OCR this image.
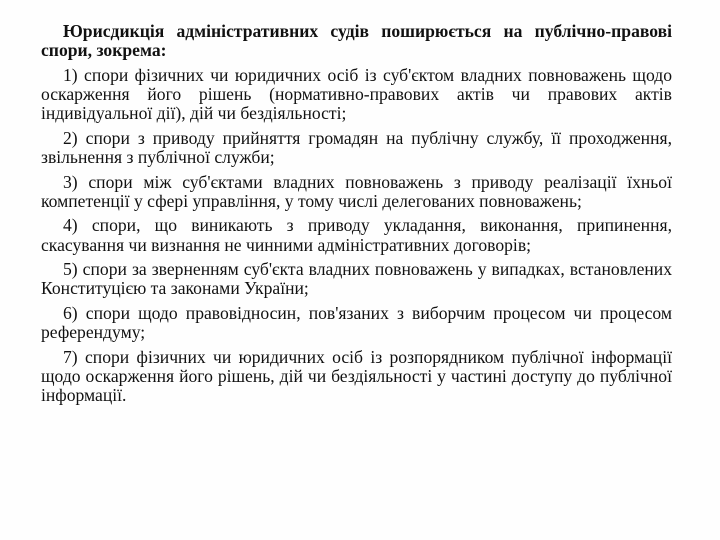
Юрисдикція адміністративних судів поширюється на публічно-правові спори, зокрема:

1) спори фізичних чи юридичних осіб із суб'єктом владних повноважень щодо оскарження його рішень (нормативно-правових актів чи правових актів індивідуальної дії), дій чи бездіяльності;

2) спори з приводу прийняття громадян на публічну службу, її проходження, звільнення з публічної служби;

3) спори між суб'єктами владних повноважень з приводу реалізації їхньої компетенції у сфері управління, у тому числі делегованих повноважень;

4) спори, що виникають з приводу укладання, виконання, припинення, скасування чи визнання не чинними адміністративних договорів;

5) спори за зверненням суб'єкта владних повноважень у випадках, встановлених Конституцією та законами України;

6) спори щодо правовідносин, пов'язаних з виборчим процесом чи процесом референдуму;

7) спори фізичних чи юридичних осіб із розпорядником публічної інформації щодо оскарження його рішень, дій чи бездіяльності у частині доступу до публічної інформації.
